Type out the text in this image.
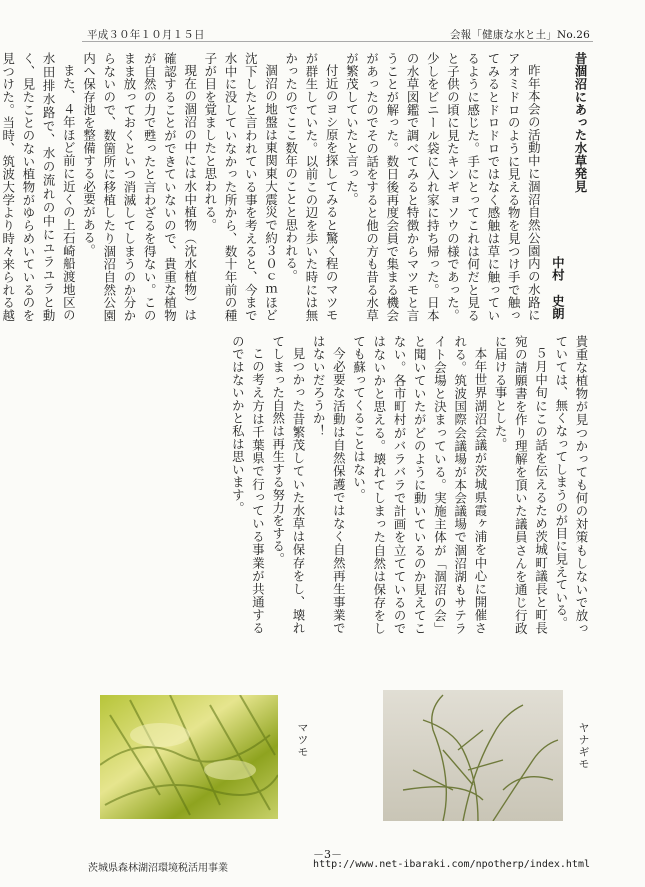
平成３０年１０月１５日	会報「健康な水と土」No.26

昔涸沼にあった水草発見

中村　史朗

昨年本会の活動中に涸沼自然公園内の水路にアオミドロのように見える物を見つけ手で触ってみるとドロドロではなく感触は草に触っているように感じた。手にとってこれは何だと見ると子供の頃に見たキンギョソウの様であった。少しをビニール袋に入れ家に持ち帰った。日本の水草図鑑で調べてみると特徴からマツモと言うことが解った。数日後再度会員で集まる機会があったのでその話をすると他の方も昔る水草が繁茂していたと言った。

付近のヨシ原を探してみると驚く程のマツモが群生していた。以前この辺を歩いた時には無かったのでここ数年のことと思われる。

涸沼の地盤は東関東大震災で約３０ｃｍほど沈下したと言われている事を考えると、今まで水中に没していなかった所から、数十年前の種子が目を覚ましたと思われる。

現在の涸沼の中には水中植物（沈水植物）は確認することができていないので、貴重な植物が自然の力で甦ったと言わざるを得ない。このまま放っておくといつ消滅してしまうのか分からないので、数箇所に移植したり涸沼自然公園内へ保存池を整備する必要がある。

また、４年ほど前に近くの上石崎船渡地区の水田排水路で、水の流れの中にユラユラと動く、見たことのない植物がゆらめいているのを見つけた。当時、筑波大学より時々来られる越

貴重な植物が見つかっても何の対策もしないで放っていては、無くなってしまうのが目に見えている。

５月中旬にこの話を伝えるため茨城町議長と町長宛の請願書を作り理解を頂いた議員さんを通じ行政に届ける事とした。

本年世界湖沼会議が茨城県霞ヶ浦を中心に開催される。筑波国際会議場が本会議場で涸沼湖もサテライト会場と決まっている。実施主体が「涸沼の会」と聞いていたがどのように動いているのか見えてこない。各市町村がバラバラで計画を立てているのではないかと思える。壊れてしまった自然は保存をしても蘇ってくることはない。

今必要な活動は自然保護ではなく自然再生事業ではないだろうか！

見つかった昔繁茂していた水草は保存をし、壊れてしまった自然は再生する努力をする。

この考え方は千葉県で行っている事業が共通するのではないかと私は思います。

マツモ	ヤナギモ
－3－
茨城県森林湖沼環境税活用事業	http://www.net-ibaraki.com/npotherp/index.html
